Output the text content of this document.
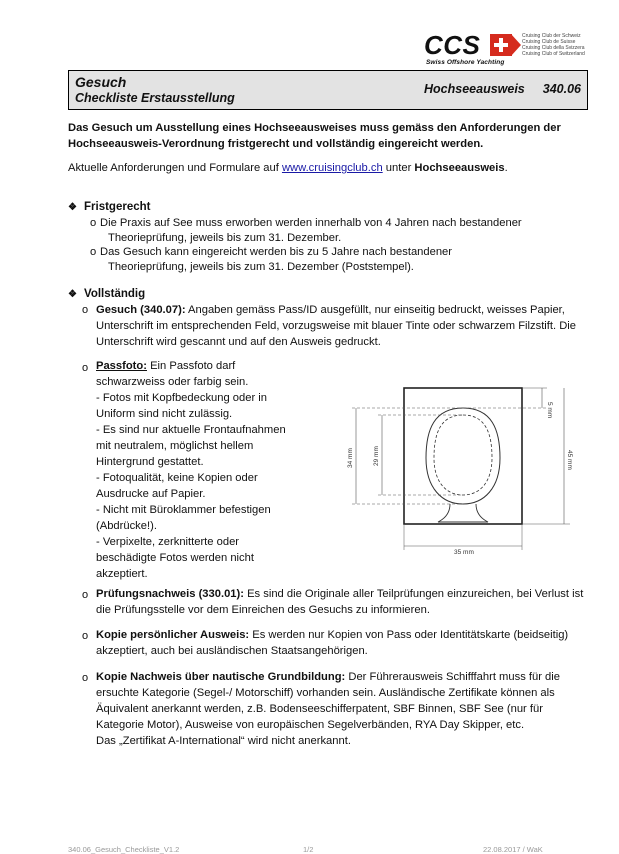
CCS
Swiss Offshore Yachting
Cruising Club der Schweiz
Cruising Club de Suisse
Cruising Club della Svizzera
Cruising Club of Switzerland
Gesuch
Checkliste Erstausstellung
Hochseeausweis 340.06
Das Gesuch um Ausstellung eines Hochseeausweises muss gemäss den Anforderungen der Hochseeausweis-Verordnung fristgerecht und vollständig eingereicht werden.
Aktuelle Anforderungen und Formulare auf www.cruisingclub.ch unter Hochseeausweis.
❖ Fristgerecht
o Die Praxis auf See muss erworben werden innerhalb von 4 Jahren nach bestandener
Theorieprüfung, jeweils bis zum 31. Dezember.
o Das Gesuch kann eingereicht werden bis zu 5 Jahre nach bestandener
Theorieprüfung, jeweils bis zum 31. Dezember (Poststempel).
❖ Vollständig
o Gesuch (340.07): Angaben gemäss Pass/ID ausgefüllt, nur einseitig bedruckt, weisses Papier, Unterschrift im entsprechenden Feld, vorzugsweise mit blauer Tinte oder schwarzem Filzstift. Die Unterschrift wird gescannt und auf den Ausweis gedruckt.
o Passfoto: Ein Passfoto darf
schwarzweiss oder farbig sein.
- Fotos mit Kopfbedeckung oder in
Uniform sind nicht zulässig.
- Es sind nur aktuelle Frontaufnahmen
mit neutralem, möglichst hellem
Hintergrund gestattet.
- Fotoqualität, keine Kopien oder
Ausdrucke auf Papier.
- Nicht mit Büroklammer befestigen
(Abdrücke!).
- Verpixelte, zerknitterte oder
beschädigte Fotos werden nicht
akzeptiert.
5 mm
45 mm
34 mm	29 mm
35 mm
o Prüfungsnachweis (330.01): Es sind die Originale aller Teilprüfungen einzureichen, bei Verlust ist die Prüfungsstelle vor dem Einreichen des Gesuchs zu informieren.
o Kopie persönlicher Ausweis: Es werden nur Kopien von Pass oder Identitätskarte (beidseitig) akzeptiert, auch bei ausländischen Staatsangehörigen.
o Kopie Nachweis über nautische Grundbildung: Der Führerausweis Schifffahrt muss für die ersuchte Kategorie (Segel-/ Motorschiff) vorhanden sein. Ausländische Zertifikate können als Äquivalent anerkannt werden, z.B. Bodenseeschifferpatent, SBF Binnen, SBF See (nur für Kategorie Motor), Ausweise von europäischen Segelverbänden, RYA Day Skipper, etc.
Das „Zertifikat A-International“ wird nicht anerkannt.
340.06_Gesuch_Checkliste_V1.2	1/2	22.08.2017 / WaK
